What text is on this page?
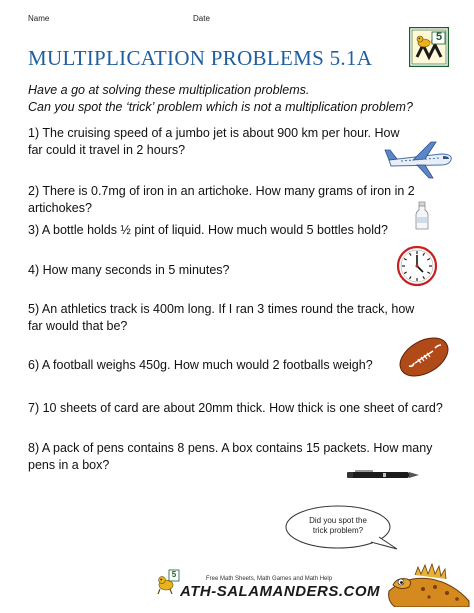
Name	Date
5
MULTIPLICATION PROBLEMS 5.1A
Have a go at solving these multiplication problems.
Can you spot the ‘trick’ problem which is not a multiplication problem?
1) The cruising speed of a jumbo jet is about 900 km per hour. How far could it travel in 2 hours?
2) There is 0.7mg of iron in an artichoke. How many grams of iron in 2 artichokes?
3) A bottle holds ½ pint of liquid. How much would 5 bottles hold?
4) How many seconds in 5 minutes?
5) An athletics track is 400m long. If I ran 3 times round the track, how far would that be?
6) A football weighs 450g. How much would 2 footballs weigh?
7) 10 sheets of card are about 20mm thick. How thick is one sheet of card?
8) A pack of pens contains 8 pens. A box contains 15 packets. How many pens in a box?
Did you spot the trick problem?
5	Free Math Sheets, Math Games and Math Help
ATH-SALAMANDERS.COM
